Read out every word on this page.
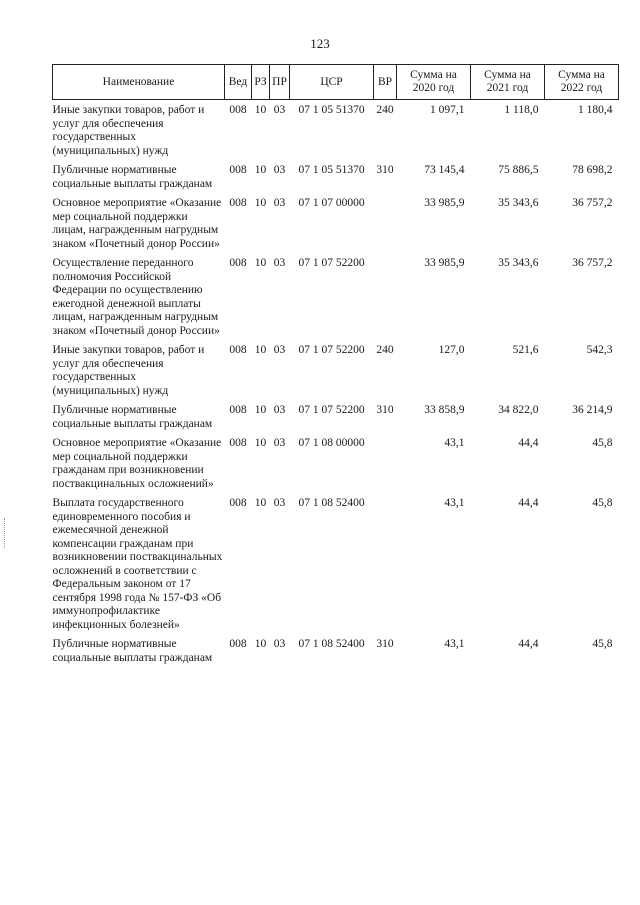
123
Наименование	Вед	РЗ	ПР	ЦСР	ВР	Сумма на 2020 год	Сумма на 2021 год	Сумма на 2022 год
Иные закупки товаров, работ и услуг для обеспечения государственных (муниципальных) нужд	008	10	03	07 1 05 51370	240	1 097,1	1 118,0	1 180,4
Публичные нормативные социальные выплаты гражданам	008	10	03	07 1 05 51370	310	73 145,4	75 886,5	78 698,2
Основное мероприятие «Оказание мер социальной поддержки лицам, награжденным нагрудным знаком «Почетный донор России»	008	10	03	07 1 07 00000		33 985,9	35 343,6	36 757,2
Осуществление переданного полномочия Российской Федерации по осуществлению ежегодной денежной выплаты лицам, награжденным нагрудным знаком «Почетный донор России»	008	10	03	07 1 07 52200		33 985,9	35 343,6	36 757,2
Иные закупки товаров, работ и услуг для обеспечения государственных (муниципальных) нужд	008	10	03	07 1 07 52200	240	127,0	521,6	542,3
Публичные нормативные социальные выплаты гражданам	008	10	03	07 1 07 52200	310	33 858,9	34 822,0	36 214,9
Основное мероприятие «Оказание мер социальной поддержки гражданам при возникновении поствакцинальных осложнений»	008	10	03	07 1 08 00000		43,1	44,4	45,8
Выплата государственного единовременного пособия и ежемесячной денежной компенсации гражданам при возникновении поствакцинальных осложнений в соответствии с Федеральным законом от 17 сентября 1998 года № 157-ФЗ «Об иммунопрофилактике инфекционных болезней»	008	10	03	07 1 08 52400		43,1	44,4	45,8
Публичные нормативные социальные выплаты гражданам	008	10	03	07 1 08 52400	310	43,1	44,4	45,8
